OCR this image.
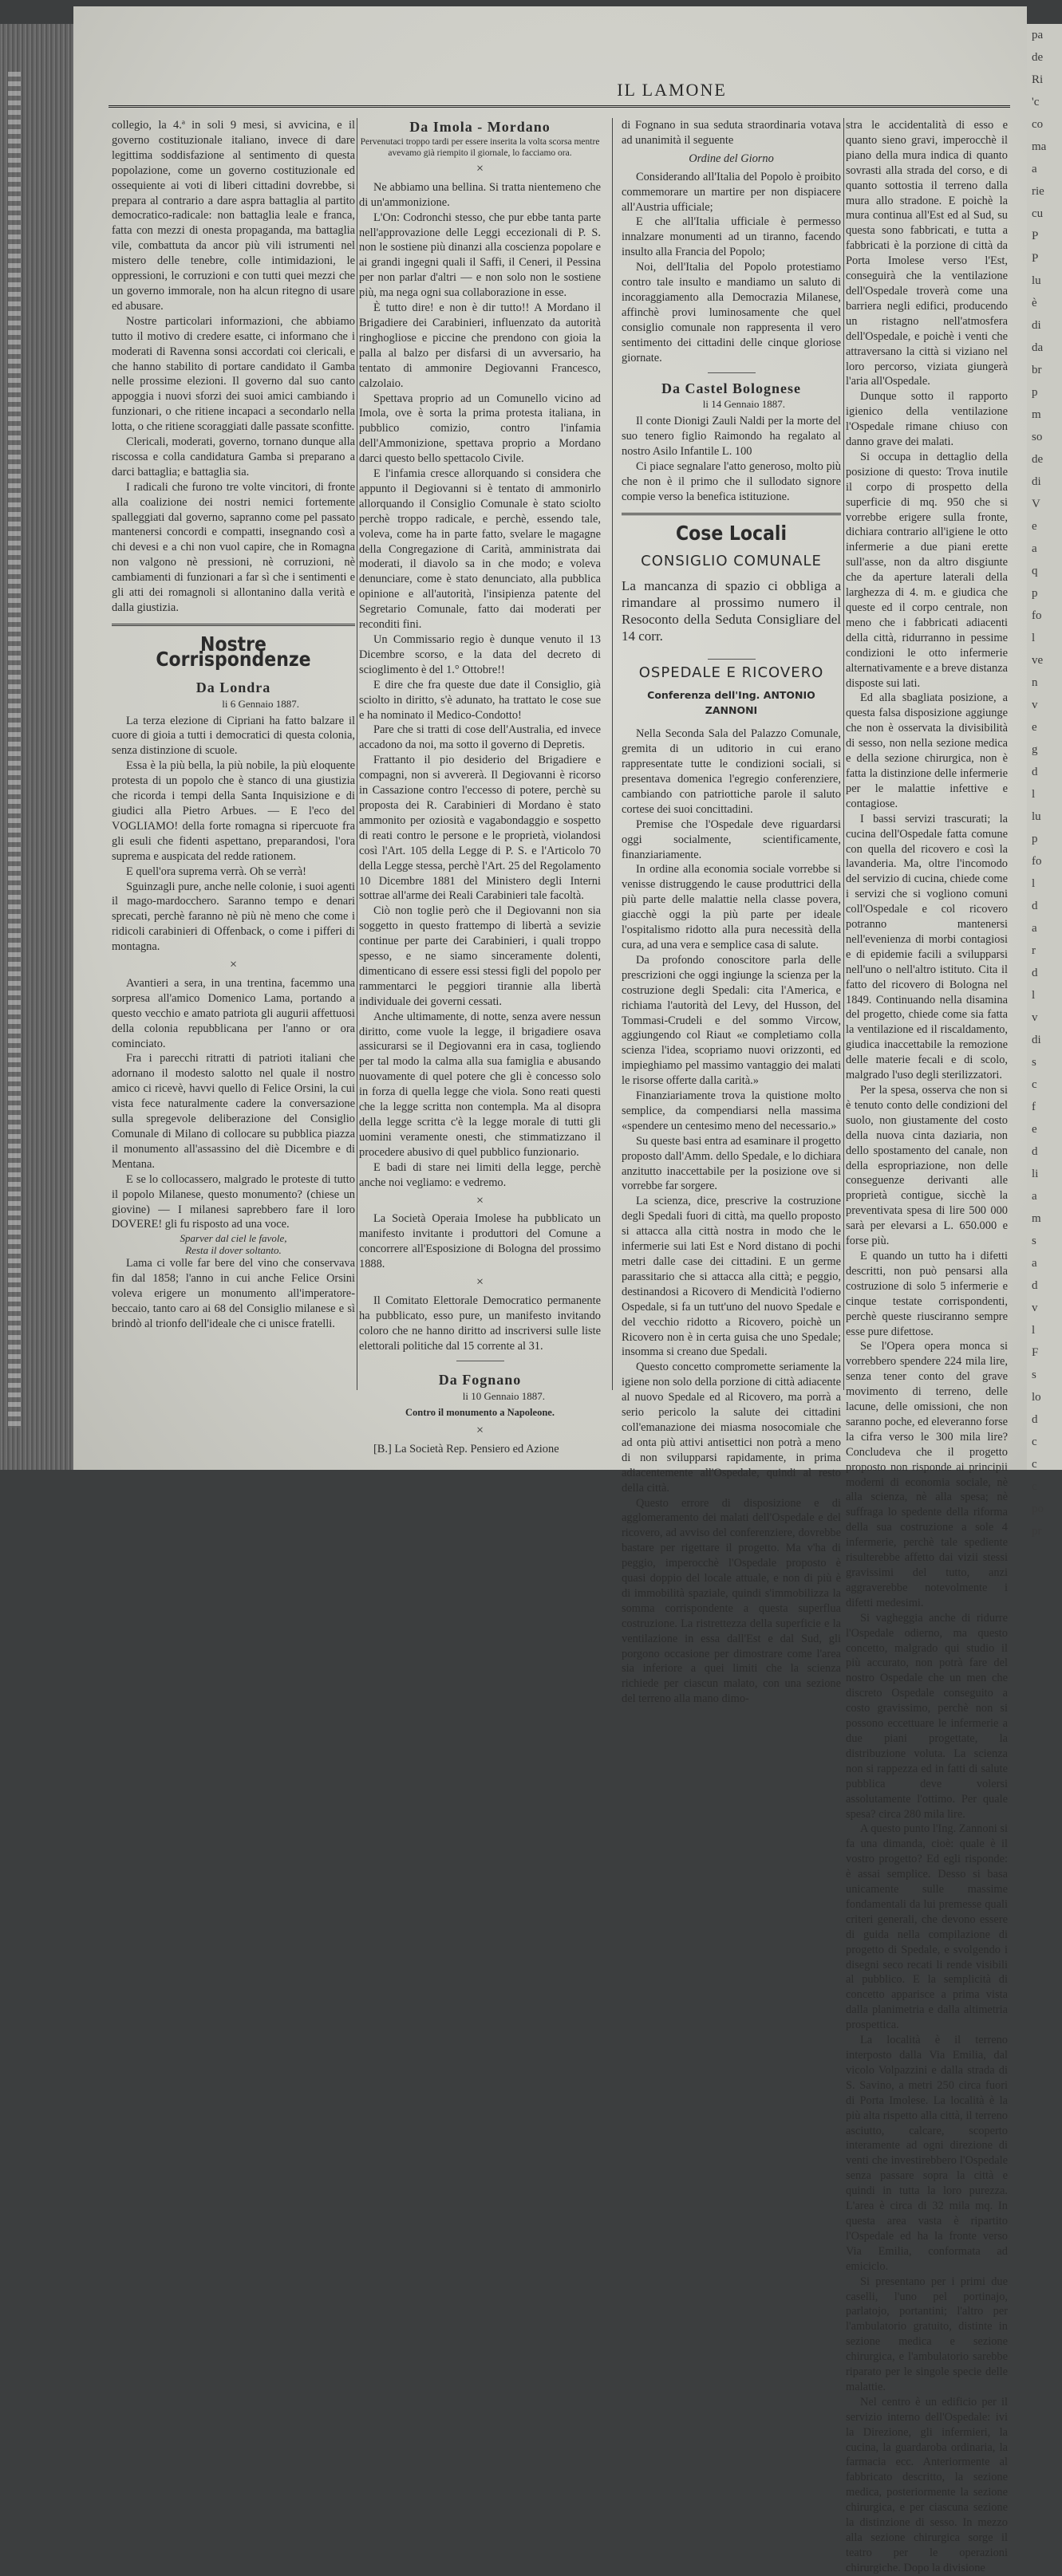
pa
de
Ri
'c
co
ma
a
rie
cu
P
P
lu
è
di
da
br
p
m
so
de
di
V
e
a
q
p
fo
l
ve
n
v
e
g
d
l
lu
p
fo
l
d
a
r
d
l
v
di
s
c
f
e
d
li
a
m
s
a
d
v
l
F
s
lo
d
c
c
c
po
pr
IL LAMONE

collegio, la 4.ª in soli 9 mesi, si avvicina, e il governo costituzionale italiano, invece di dare legittima soddisfazione al sentimento di questa popolazione, come un governo costituzionale ed ossequiente ai voti di liberi cittadini dovrebbe, si prepara al contrario a dare aspra battaglia al partito democratico-radicale: non battaglia leale e franca, fatta con mezzi di onesta propaganda, ma battaglia vile, combattuta da ancor più vili istrumenti nel mistero delle tenebre, colle intimidazioni, le oppressioni, le corruzioni e con tutti quei mezzi che un governo immorale, non ha alcun ritegno di usare ed abusare.

Nostre particolari informazioni, che abbiamo tutto il motivo di credere esatte, ci informano che i moderati di Ravenna sonsi accordati coi clericali, e che hanno stabilito di portare candidato il Gamba nelle prossime elezioni. Il governo dal suo canto appoggia i nuovi sforzi dei suoi amici cambiando i funzionari, o che ritiene incapaci a secondarlo nella lotta, o che ritiene scoraggiati dalle passate sconfitte.

Clericali, moderati, governo, tornano dunque alla riscossa e colla candidatura Gamba si preparano a darci battaglia; e battaglia sia.

I radicali che furono tre volte vincitori, di fronte alla coalizione dei nostri nemici fortemente spalleggiati dal governo, sapranno come pel passato mantenersi concordi e compatti, insegnando così a chi devesi e a chi non vuol capire, che in Romagna non valgono nè pressioni, nè corruzioni, nè cambiamenti di funzionari a far sì che i sentimenti e gli atti dei romagnoli si allontanino dalla verità e dalla giustizia.

Nostre Corrispondenze
Da Londra
li 6 Gennaio 1887.

La terza elezione di Cipriani ha fatto balzare il cuore di gioia a tutti i democratici di questa colonia, senza distinzione di scuole.

Essa è la più bella, la più nobile, la più eloquente protesta di un popolo che è stanco di una giustizia che ricorda i tempi della Santa Inquisizione e di giudici alla Pietro Arbues. — E l'eco del VOGLIAMO! della forte romagna si ripercuote fra gli esuli che fidenti aspettano, preparandosi, l'ora suprema e auspicata del redde rationem.

E quell'ora suprema verrà. Oh se verrà!

Sguinzagli pure, anche nelle colonie, i suoi agenti il mago-mardocchero. Saranno tempo e denari sprecati, perchè faranno nè più nè meno che come i ridicoli carabinieri di Offenback, o come i pifferi di montagna.

×

Avantieri a sera, in una trentina, facemmo una sorpresa all'amico Domenico Lama, portando a questo vecchio e amato patriota gli augurii affettuosi della colonia repubblicana per l'anno or ora cominciato.

Fra i parecchi ritratti di patrioti italiani che adornano il modesto salotto nel quale il nostro amico ci ricevè, havvi quello di Felice Orsini, la cui vista fece naturalmente cadere la conversazione sulla spregevole deliberazione del Consiglio Comunale di Milano di collocare su pubblica piazza il monumento all'assassino del diè Dicembre e di Mentana.

E se lo collocassero, malgrado le proteste di tutto il popolo Milanese, questo monumento? (chiese un giovine) — I milanesi saprebbero fare il loro DOVERE! gli fu risposto ad una voce.

Sparver dal ciel le favole,
Resta il dover soltanto.

Lama ci volle far bere del vino che conservava fin dal 1858; l'anno in cui anche Felice Orsini voleva erigere un monumento all'imperatore-beccaio, tanto caro ai 68 del Consiglio milanese e sì brindò al trionfo dell'ideale che ci unisce fratelli.

Da Imola - Mordano
Pervenutaci troppo tardi per essere inserita la volta scorsa mentre avevamo già riempito il giornale, lo facciamo ora.
×

Ne abbiamo una bellina. Si tratta nientemeno che di un'ammonizione.

L'On: Codronchi stesso, che pur ebbe tanta parte nell'approvazione delle Leggi eccezionali di P. S. non le sostiene più dinanzi alla coscienza popolare e ai grandi ingegni quali il Saffi, il Ceneri, il Pessina per non parlar d'altri — e non solo non le sostiene più, ma nega ogni sua collaborazione in esse.

È tutto dire! e non è dir tutto!! A Mordano il Brigadiere dei Carabinieri, influenzato da autorità ringhogliose e piccine che prendono con gioia la palla al balzo per disfarsi di un avversario, ha tentato di ammonire Degiovanni Francesco, calzolaio.

Spettava proprio ad un Comunello vicino ad Imola, ove è sorta la prima protesta italiana, in pubblico comizio, contro l'infamia dell'Ammonizione, spettava proprio a Mordano darci questo bello spettacolo Civile.

E l'infamia cresce allorquando si considera che appunto il Degiovanni si è tentato di ammonirlo allorquando il Consiglio Comunale è stato sciolto perchè troppo radicale, e perchè, essendo tale, voleva, come ha in parte fatto, svelare le magagne della Congregazione di Carità, amministrata dai moderati, il diavolo sa in che modo; e voleva denunciare, come è stato denunciato, alla pubblica opinione e all'autorità, l'insipienza patente del Segretario Comunale, fatto dai moderati per reconditi fini.

Un Commissario regio è dunque venuto il 13 Dicembre scorso, e la data del decreto di scioglimento è del 1.° Ottobre!!

E dire che fra queste due date il Consiglio, già sciolto in diritto, s'è adunato, ha trattato le cose sue e ha nominato il Medico-Condotto!

Pare che si tratti di cose dell'Australia, ed invece accadono da noi, ma sotto il governo di Depretis.

Frattanto il pio desiderio del Brigadiere e compagni, non si avvererà. Il Degiovanni è ricorso in Cassazione contro l'eccesso di potere, perchè su proposta dei R. Carabinieri di Mordano è stato ammonito per oziosità e vagabondaggio e sospetto di reati contro le persone e le proprietà, violandosi così l'Art. 105 della Legge di P. S. e l'Articolo 70 della Legge stessa, perchè l'Art. 25 del Regolamento 10 Dicembre 1881 del Ministero degli Interni sottrae all'arme dei Reali Carabinieri tale facoltà.

Ciò non toglie però che il Degiovanni non sia soggetto in questo frattempo di libertà a sevizie continue per parte dei Carabinieri, i quali troppo spesso, e ne siamo sinceramente dolenti, dimenticano di essere essi stessi figli del popolo per rammentarci le peggiori tirannie alla libertà individuale dei governi cessati.

Anche ultimamente, di notte, senza avere nessun diritto, come vuole la legge, il brigadiere osava assicurarsi se il Degiovanni era in casa, togliendo per tal modo la calma alla sua famiglia e abusando nuovamente di quel potere che gli è concesso solo in forza di quella legge che viola. Sono reati questi che la legge scritta non contempla. Ma al disopra della legge scritta c'è la legge morale di tutti gli uomini veramente onesti, che stimmatizzano il procedere abusivo di quel pubblico funzionario.

E badi di stare nei limiti della legge, perchè anche noi vegliamo: e vedremo.

×

La Società Operaia Imolese ha pubblicato un manifesto invitante i produttori del Comune a concorrere all'Esposizione di Bologna del prossimo 1888.

×

Il Comitato Elettorale Democratico permanente ha pubblicato, esso pure, un manifesto invitando coloro che ne hanno diritto ad inscriversi sulle liste elettorali politiche dal 15 corrente al 31.

Da Fognano
li 10 Gennaio 1887.
Contro il monumento a Napoleone.
×

[B.] La Società Rep. Pensiero ed Azione

di Fognano in sua seduta straordinaria votava ad unanimità il seguente

Ordine del Giorno

Considerando all'Italia del Popolo è proibito commemorare un martire per non dispiacere all'Austria ufficiale;

E che all'Italia ufficiale è permesso innalzare monumenti ad un tiranno, facendo insulto alla Francia del Popolo;

Noi, dell'Italia del Popolo protestiamo contro tale insulto e mandiamo un saluto di incoraggiamento alla Democrazia Milanese, affinchè provi luminosamente che quel consiglio comunale non rappresenta il vero sentimento dei cittadini delle cinque gloriose giornate.

Da Castel Bolognese
li 14 Gennaio 1887.

Il conte Dionigi Zauli Naldi per la morte del suo tenero figlio Raimondo ha regalato al nostro Asilo Infantile L. 100

Ci piace segnalare l'atto generoso, molto più che non è il primo che il sullodato signore compie verso la benefica istituzione.

Cose Locali
CONSIGLIO COMUNALE
La mancanza di spazio ci obbliga a rimandare al prossimo numero il Resoconto della Seduta Consigliare del 14 corr.
OSPEDALE E RICOVERO
Conferenza dell'Ing. ANTONIO ZANNONI

Nella Seconda Sala del Palazzo Comunale, gremita di un uditorio in cui erano rappresentate tutte le condizioni sociali, si presentava domenica l'egregio conferenziere, cambiando con patriottiche parole il saluto cortese dei suoi concittadini.

Premise che l'Ospedale deve riguardarsi oggi socialmente, scientificamente, finanziariamente.

In ordine alla economia sociale vorrebbe si venisse distruggendo le cause produttrici della più parte delle malattie nella classe povera, giacchè oggi la più parte per ideale l'ospitalismo ridotto alla pura necessità della cura, ad una vera e semplice casa di salute.

Da profondo conoscitore parla delle prescrizioni che oggi ingiunge la scienza per la costruzione degli Spedali: cita l'America, e richiama l'autorità del Levy, del Husson, del Tommasi-Crudeli e del sommo Vircow, aggiungendo col Riaut «e completiamo colla scienza l'idea, scopriamo nuovi orizzonti, ed impieghiamo pel massimo vantaggio dei malati le risorse offerte dalla carità.»

Finanziariamente trova la quistione molto semplice, da compendiarsi nella massima «spendere un centesimo meno del necessario.»

Su queste basi entra ad esaminare il progetto proposto dall'Amm. dello Spedale, e lo dichiara anzitutto inaccettabile per la posizione ove si vorrebbe far sorgere.

La scienza, dice, prescrive la costruzione degli Spedali fuori di città, ma quello proposto si attacca alla città nostra in modo che le infermerie sui lati Est e Nord distano di pochi metri dalle case dei cittadini. E un germe parassitario che si attacca alla città; e peggio, destinandosi a Ricovero di Mendicità l'odierno Ospedale, si fa un tutt'uno del nuovo Spedale e del vecchio ridotto a Ricovero, poichè un Ricovero non è in certa guisa che uno Spedale; insomma si creano due Spedali.

Questo concetto compromette seriamente la igiene non solo della porzione di città adiacente al nuovo Spedale ed al Ricovero, ma porrà a serio pericolo la salute dei cittadini coll'emanazione dei miasma nosocomiale che ad onta più attivi antisettici non potrà a meno di non svilupparsi rapidamente, in prima adiacentemente all'Ospedale, quindi al resto della città.

Questo errore di disposizione e di agglomeramento dei malati dell'Ospedale e del ricovero, ad avviso del conferenziere, dovrebbe bastare per rigettare il progetto. Ma v'ha di peggio, imperocchè l'Ospedale proposto è quasi doppio del locale attuale, e non di più è di immobilità spaziale, quindi s'immobilizza la somma corrispondente a questa superflua costruzione. La ristrettezza della superficie e la ventilazione in essa dall'Est e dal Sud, gli porgono occasione per dimostrare come l'area sia inferiore a quei limiti che la scienza richiede per ciascun malato, con una sezione del terreno alla mano dimo-

stra le accidentalità di esso e quanto sieno gravi, imperocchè il piano della mura indica di quanto sovrasti alla strada del corso, e di quanto sottostia il terreno dalla mura allo stradone. E poichè la mura continua all'Est ed al Sud, su questa sono fabbricati, e tutta a fabbricati è la porzione di città da Porta Imolese verso l'Est, conseguirà che la ventilazione dell'Ospedale troverà come una barriera negli edifici, producendo un ristagno nell'atmosfera dell'Ospedale, e poichè i venti che attraversano la città si viziano nel loro percorso, viziata giungerà l'aria all'Ospedale.

Dunque sotto il rapporto igienico della ventilazione l'Ospedale rimane chiuso con danno grave dei malati.

Si occupa in dettaglio della posizione di questo: Trova inutile il corpo di prospetto della superficie di mq. 950 che si vorrebbe erigere sulla fronte, dichiara contrario all'igiene le otto infermerie a due piani erette sull'asse, non da altro disgiunte che da aperture laterali della larghezza di 4. m. e giudica che queste ed il corpo centrale, non meno che i fabbricati adiacenti della città, ridurranno in pessime condizioni le otto infermerie alternativamente e a breve distanza disposte sui lati.

Ed alla sbagliata posizione, a questa falsa disposizione aggiunge che non è osservata la divisibilità di sesso, non nella sezione medica e della sezione chirurgica, non è fatta la distinzione delle infermerie per le malattie infettive e contagiose.

I bassi servizi trascurati; la cucina dell'Ospedale fatta comune con quella del ricovero e così la lavanderia. Ma, oltre l'incomodo del servizio di cucina, chiede come i servizi che si vogliono comuni coll'Ospedale e col ricovero potranno mantenersi nell'evenienza di morbi contagiosi e di epidemie facili a svilupparsi nell'uno o nell'altro istituto. Cita il fatto del ricovero di Bologna nel 1849. Continuando nella disamina del progetto, chiede come sia fatta la ventilazione ed il riscaldamento, giudica inaccettabile la remozione delle materie fecali e di scolo, malgrado l'uso degli sterilizzatori.

Per la spesa, osserva che non si è tenuto conto delle condizioni del suolo, non giustamente del costo della nuova cinta daziaria, non dello spostamento del canale, non della espropriazione, non delle conseguenze derivanti alle proprietà contigue, sicchè la preventivata spesa di lire 500 000 sarà per elevarsi a L. 650.000 e forse più.

E quando un tutto ha i difetti descritti, non può pensarsi alla costruzione di solo 5 infermerie e cinque testate corrispondenti, perchè queste riusciranno sempre esse pure difettose.

Se l'Opera opera monca si vorrebbero spendere 224 mila lire, senza tener conto del grave movimento di terreno, delle lacune, delle omissioni, che non saranno poche, ed eleveranno forse la cifra verso le 300 mila lire? Concludeva che il progetto proposto non risponde ai principii moderni di economia sociale, nè alla scienza, nè alla spesa; nè suffraga lo spedente della riforma della sua costruzione a sole 4 infermerie, perchè tale spediente risulterebbe affetto dai vizii stessi gravissimi del tutto, anzi aggraverebbe notevolmente i difetti medesimi.

Si vagheggia anche di ridurre l'Ospedale odierno, ma questo concetto, malgrado qui studio il più accurato, non potrà fare del nostro Ospedale che un men che discreto Ospedale conseguito a costo gravissimo, perchè non si possono eccettuare le infermerie a due piani progettate, la distribuzione voluta. La scienza non si rappezza ed in fatti di salute pubblica deve volersi assolutamente l'ottimo. Per quale spesa? circa 280 mila lire.

A questo punto l'Ing. Zannoni si fa una dimanda, cioè: quale è il vostro progetto? Ed egli risponde: è assai semplice. Desso si basa unicamente sulle massime fondamentali da lui premesse quali criteri generali, che devono essere di guida nella compilazione di progetto di Spedale, e svolgendo i disegni seco recati li rende visibili al pubblico. E la semplicità di concetto apparisce a prima vista dalla planimetria e dalla altimetria prospettica.

La località è il terreno interposto dalla Via Emilia, dal vicolo Volpazzini e dalla strada di S. Savino, a metri 250 circa fuori di Porta Imolese. La località è la più alta rispetto alla città, il terreno asciutto, calcare, scoperto interamente ad ogni direzione di venti che investirebbero l'Ospedale senza passare sopra la città e quindi in tutta la loro purezza. L'area è circa di 32 mila mq. In questa area vasta è ripartito l'Ospedale ed ha la fronte verso Via Emilia, conformata ad emiciclo.

Si presentano per i primi due caselli, l'uno pel portinajo, parlatojo, portantini; l'altro per l'ambulatorio gratuito, distinte in sezione medica e sezione chirurgica, e l'ambulatorio sarebbe riparato per le singole specie delle malattie.

Nel centro è un edificio per il servizio interno dell'Ospedale: ivi la Direzione, gli infermieri, la cucina, la guardaroba ordinaria, la farmacia ecc. Anteriormente al fabbricato descritto, la sezione medica, posteriormente la sezione chirurgica, e per ciascuna sezione la distinzione di sesso. In mezzo alla sezione chirurgica sorge il teatro per le operazioni chirurgiche. Dopo la divisione
